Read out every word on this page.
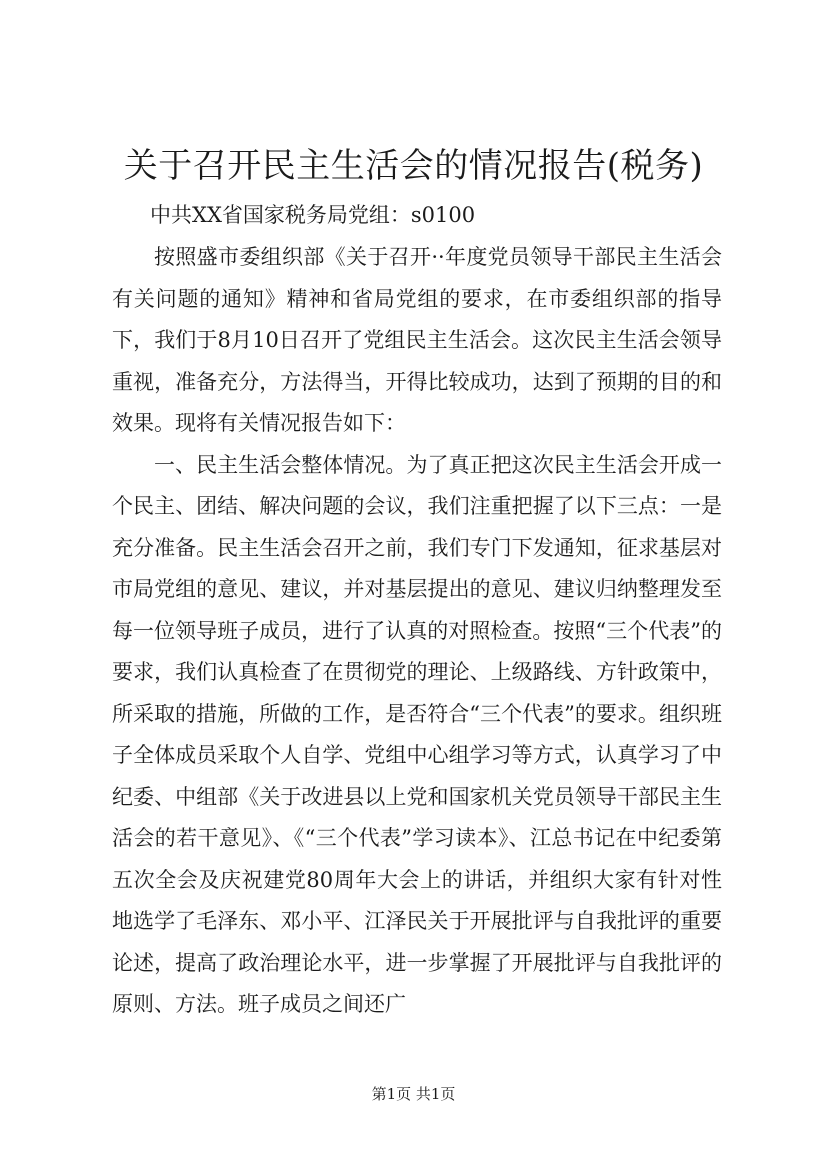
关于召开民主生活会的情况报告(税务)
中共XX省国家税务局党组：s0100

按照盛市委组织部《关于召开··年度党员领导干部民主生活会有关问题的通知》精神和省局党组的要求，在市委组织部的指导下，我们于8月10日召开了党组民主生活会。这次民主生活会领导重视，准备充分，方法得当，开得比较成功，达到了预期的目的和效果。现将有关情况报告如下：

一、民主生活会整体情况。为了真正把这次民主生活会开成一个民主、团结、解决问题的会议，我们注重把握了以下三点：一是充分准备。民主生活会召开之前，我们专门下发通知，征求基层对市局党组的意见、建议，并对基层提出的意见、建议归纳整理发至每一位领导班子成员，进行了认真的对照检查。按照“三个代表”的要求，我们认真检查了在贯彻党的理论、上级路线、方针政策中，所采取的措施，所做的工作，是否符合“三个代表”的要求。组织班子全体成员采取个人自学、党组中心组学习等方式，认真学习了中纪委、中组部《关于改进县以上党和国家机关党员领导干部民主生活会的若干意见》、《“三个代表”学习读本》、江总书记在中纪委第五次全会及庆祝建党80周年大会上的讲话，并组织大家有针对性地选学了毛泽东、邓小平、江泽民关于开展批评与自我批评的重要论述，提高了政治理论水平，进一步掌握了开展批评与自我批评的原则、方法。班子成员之间还广

第1页 共1页
